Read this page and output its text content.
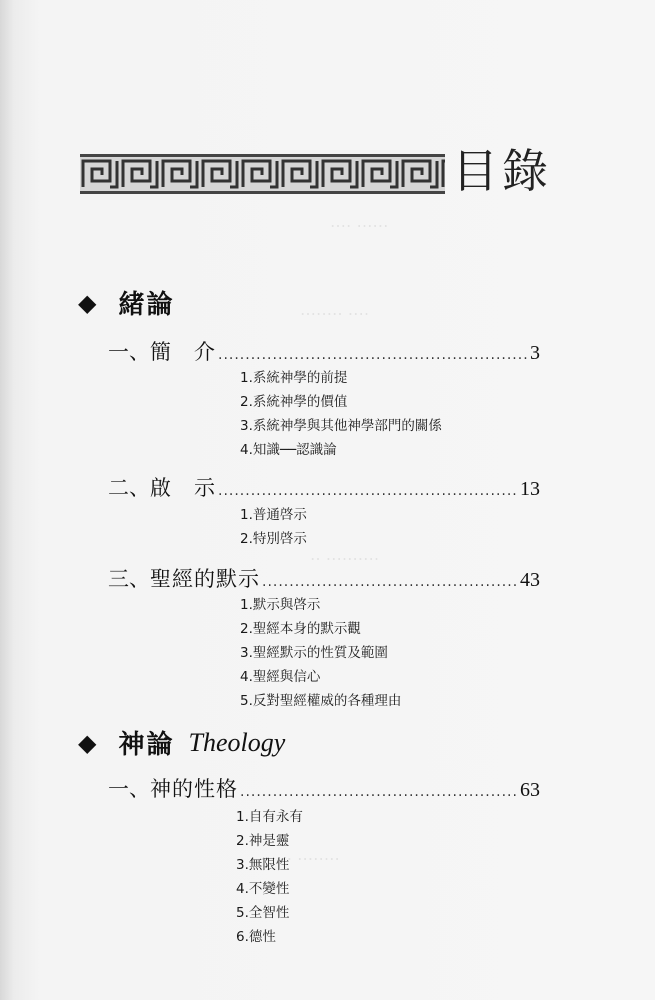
‥‥ ‥‥‥
‥‥‥‥ ‥‥
‥ ‥‥‥‥‥
‥‥‥ ‥‥‥‥
目錄
◆ 緒論
一、 簡　介 .....	3
1.系統神學的前提
2.系統神學的價值
3.系統神學與其他神學部門的關係
4.知識──認識論
二、 啟　示 .....	13
1.普通啓示
2.特別啓示
三、 聖經的默示 .....	43
1.默示與啓示
2.聖經本身的默示觀
3.聖經默示的性質及範圍
4.聖經與信心
5.反對聖經權威的各種理由
◆ 神論 Theology
一、 神的性格 .....	63
1.自有永有
2.神是靈
3.無限性
4.不變性
5.全智性
6.德性
